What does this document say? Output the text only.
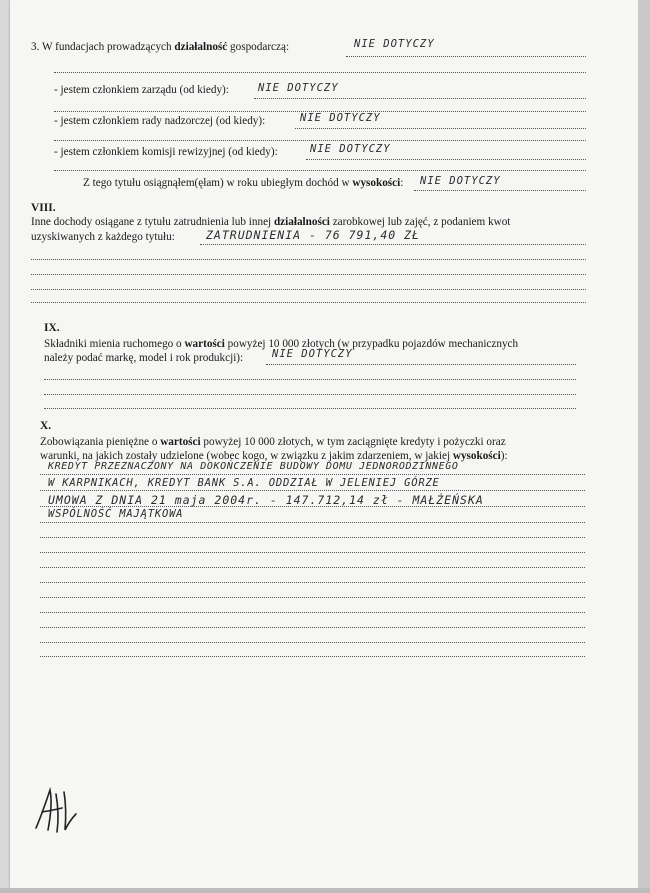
3. W fundacjach prowadzących działalność gospodarczą:	NIE DOTYCZY
- jestem członkiem zarządu (od kiedy):	NIE DOTYCZY
- jestem członkiem rady nadzorczej (od kiedy):	NIE DOTYCZY
- jestem członkiem komisji rewizyjnej (od kiedy):	NIE DOTYCZY
Z tego tytułu osiągnąłem(ęłam) w roku ubiegłym dochód w wysokości: NIE DOTYCZY
VIII.
Inne dochody osiągane z tytułu zatrudnienia lub innej działalności zarobkowej lub zajęć, z podaniem kwot
uzyskiwanych z każdego tytułu:	ZATRUDNIENIA - 76 791,40 ZŁ
IX.
Składniki mienia ruchomego o wartości powyżej 10 000 złotych (w przypadku pojazdów mechanicznych
należy podać markę, model i rok produkcji):	NIE DOTYCZY
X.
Zobowiązania pieniężne o wartości powyżej 10 000 złotych, w tym zaciągnięte kredyty i pożyczki oraz
warunki, na jakich zostały udzielone (wobec kogo, w związku z jakim zdarzeniem, w jakiej wysokości):
KREDYT PRZEZNACZONY NA DOKOŃCZENIE BUDOWY DOMU JEDNORODZINNEGO
W KARPNIKACH, KREDYT BANK S.A. ODDZIAŁ W JELENIEJ GÓRZE
UMOWA Z DNIA 21 maja 2004r. - 147.712,14 zł - MAŁŻEŃSKA
WSPÓLNOŚĆ MAJĄTKOWA
